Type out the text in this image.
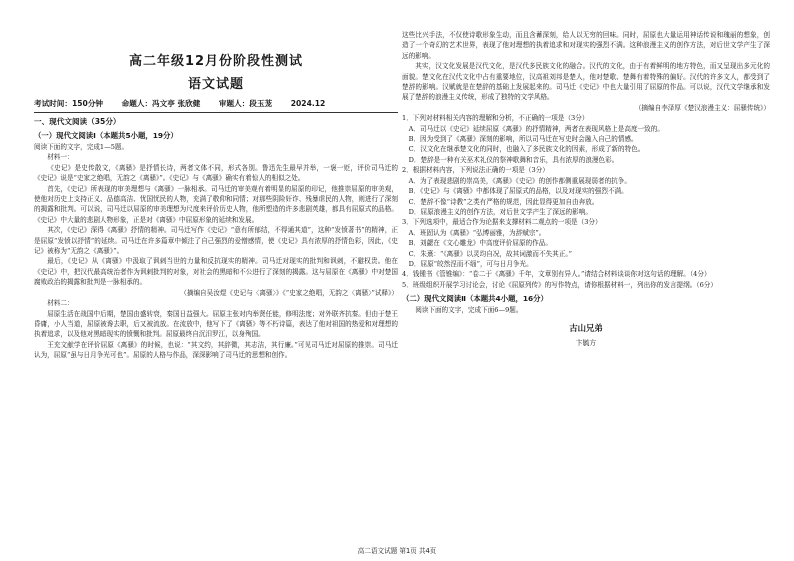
高二年级12月份阶段性测试
语文试题
考试时间：150分钟 命题人：冯文亭 张欣健 审题人：段玉茏 2024.12
一、现代文阅读（35分）
（一）现代文阅读Ⅰ（本题共5小题，19分）

阅读下面的文字，完成1—5题。

材料一：

《史记》是史传散文，《离骚》是抒情长诗，两者文体不同，形式各别。鲁迅先生最早并举，一褒一贬，评价司马迁的《史记》说是“史家之绝唱，无韵之《离骚》”。《史记》与《离骚》确实有着惊人的相似之处。

首先，《史记》所表现的审美理想与《离骚》一脉相承。司马迁的审美观有着明显的屈原的印记，他推崇屈原的审美观，使他对历史上支持正义、品德高洁、忧国忧民的人物，充满了敬仰和同情；对那些阴险奸诈、残暴虐民的人物，则进行了深刻的揭露和批判。可以说，司马迁以屈原的审美理想为尺度来评价历史人物，他所塑造的许多悲剧英雄，都具有屈原式的品格。《史记》中大量的悲剧人物形象，正是对《离骚》中屈原形象的延续和发展。

其次，《史记》深得《离骚》抒情的精神。司马迁写作《史记》“意有所郁结，不得通其道”，这种“发愤著书”的精神，正是屈原“发愤以抒情”的延续。司马迁在许多篇章中倾注了自己强烈的爱憎感情，使《史记》具有浓厚的抒情色彩，因此，《史记》被称为“无韵之《离骚》”。

最后，《史记》从《离骚》中汲取了讽刺当世的力量和反抗现实的精神。司马迁对现实的批判和讽刺，不避权贵。他在《史记》中，把汉代最高统治者作为讽刺批判的对象，对社会的黑暗和不公进行了深刻的揭露。这与屈原在《离骚》中对楚国腐败政治的揭露和批判是一脉相承的。

（摘编自吴汝煜《史记与〈离骚〉》《“史家之绝唱，无韵之〈离骚〉”试释》）

材料二：

屈原生活在战国中后期，楚国由盛转衰，秦国日益强大。屈原主张对内举贤任能，修明法度；对外联齐抗秦。但由于楚王昏庸，小人当道，屈原被谗去职，后又被流放。在流放中，他写下了《离骚》等不朽诗篇，表达了他对祖国的热爱和对理想的执着追求，以及他对黑暗现实的愤慨和批判。屈原最终自沉汨罗江，以身殉国。

王充文献学在评价屈原《离骚》的时候，也说：“其文约，其辞微，其志洁，其行廉。”可见司马迁对屈原的推崇。司马迁认为，屈原“虽与日月争光可也”。屈原的人格与作品，深深影响了司马迁的思想和创作。

这些比兴手法，不仅使诗歌形象生动，而且含蓄深刻，给人以无穷的回味。同时，屈原也大量运用神话传说和瑰丽的想象，创造了一个奇幻的艺术世界，表现了他对理想的执着追求和对现实的强烈不满。这种浪漫主义的创作方法，对后世文学产生了深远的影响。

其实，汉文化发展是汉代文化，是汉代多民族文化的融合。汉代的文化，由于有着鲜明的地方特色，而又呈现出多元化的面貌。楚文化在汉代文化中占有重要地位，汉高祖刘邦是楚人，他对楚歌、楚舞有着特殊的偏好。汉代的许多文人，都受到了楚辞的影响。汉赋就是在楚辞的基础上发展起来的。司马迁《史记》中也大量引用了屈原的作品。可以说，汉代文学继承和发展了楚辞的浪漫主义传统，形成了独特的文学风格。

（摘编自李泽厚《楚汉浪漫主义：屈骚传统》）

1．下列对材料相关内容的理解和分析，不正确的一项是（3分）

A．司马迁以《史记》延续屈原《离骚》的抒情精神，两者在表现风格上是高度一致的。

B．因为受到了《离骚》深刻的影响，所以司马迁在写史时会融入自己的情感。

C．汉文化在继承楚文化的同时，也融入了多民族文化的因素，形成了新的特色。

D．楚辞是一种有关巫术礼仪的祭神歌舞和音乐，具有浓厚的浪漫色彩。

2．根据材料内容，下列说法正确的一项是（3分）

A．为了表现悲剧的崇高美，《离骚》《史记》的创作都侧重展现弱者的抗争。

B．《史记》与《离骚》中都体现了屈原式的品格，以及对现实的强烈不满。

C．楚辞不像“诗教”之类有严格的规范，因此显得更加自由奔放。

D．屈原浪漫主义的创作方法，对后世文学产生了深远的影响。

3．下列选项中，最适合作为论据来支撑材料二观点的一项是（3分）

A．班固认为《离骚》“弘博丽雅，为辞赋宗”。

B．刘勰在《文心雕龙》中高度评价屈原的作品。

C．朱熹：“《离骚》以灵均自况，故其词激而不失其正。”

D．屈原“皎然涅而不缁”，可与日月争光。

4．钱锺书《管锥编》：“卷二于《离骚》千年，文章别有异人。”请结合材料谈谈你对这句话的理解。（4分）

5．班级组织开展学习讨论会，讨论《屈原列传》的写作特点，请你根据材料一，列出你的发言提纲。（6分）

（二）现代文阅读Ⅱ（本题共4小题，16分）

阅读下面的文字，完成下面6—9题。

古山兄弟
卞毓方
高二语文试题 第1页 共4页
